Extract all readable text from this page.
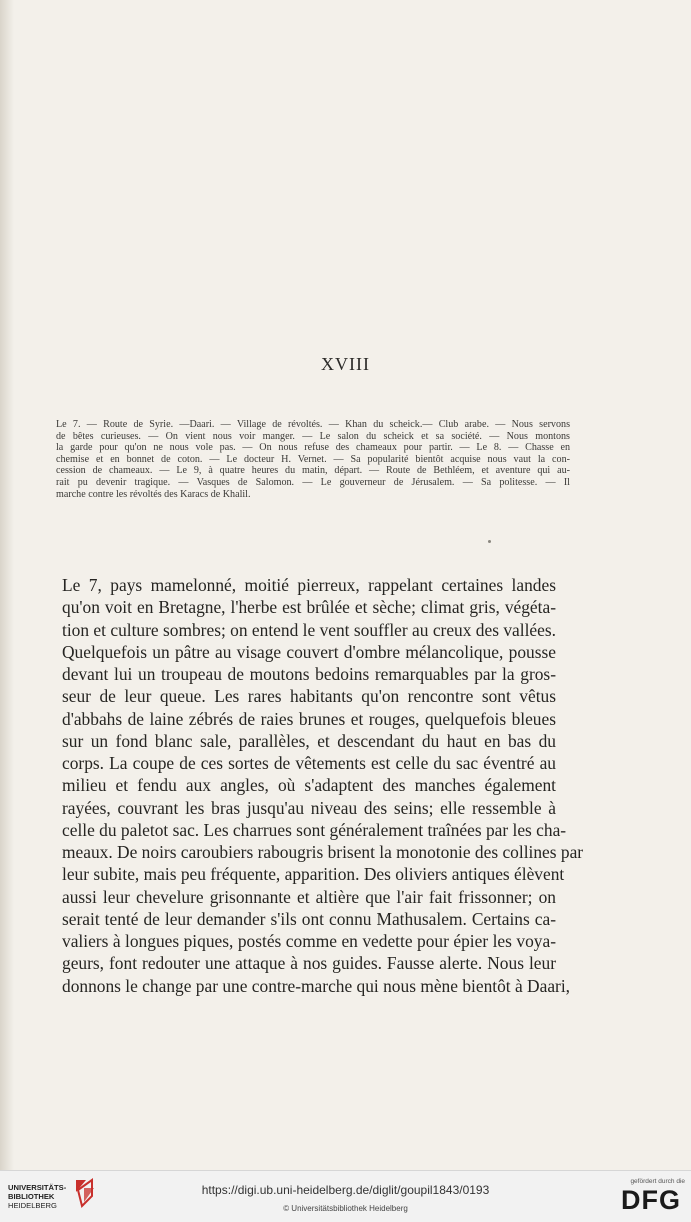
XVIII
Le 7. — Route de Syrie. —Daari. — Village de révoltés. — Khan du scheick.— Club arabe. — Nous servons
de bêtes curieuses. — On vient nous voir manger. — Le salon du scheick et sa société. — Nous montons
la garde pour qu'on ne nous vole pas. — On nous refuse des chameaux pour partir. — Le 8. — Chasse en
chemise et en bonnet de coton. — Le docteur H. Vernet. — Sa popularité bientôt acquise nous vaut la con-
cession de chameaux. — Le 9, à quatre heures du matin, départ. — Route de Bethléem, et aventure qui au-
rait pu devenir tragique. — Vasques de Salomon. — Le gouverneur de Jérusalem. — Sa politesse. — Il
marche contre les révoltés des Karacs de Khalil.
Le 7, pays mamelonné, moitié pierreux, rappelant certaines landes
qu'on voit en Bretagne, l'herbe est brûlée et sèche; climat gris, végéta-
tion et culture sombres; on entend le vent souffler au creux des vallées.
Quelquefois un pâtre au visage couvert d'ombre mélancolique, pousse
devant lui un troupeau de moutons bedoins remarquables par la gros-
seur de leur queue. Les rares habitants qu'on rencontre sont vêtus
d'abbahs de laine zébrés de raies brunes et rouges, quelquefois bleues
sur un fond blanc sale, parallèles, et descendant du haut en bas du
corps. La coupe de ces sortes de vêtements est celle du sac éventré au
milieu et fendu aux angles, où s'adaptent des manches également
rayées, couvrant les bras jusqu'au niveau des seins; elle ressemble à
celle du paletot sac. Les charrues sont généralement traînées par les cha-
meaux. De noirs caroubiers rabougris brisent la monotonie des collines par
leur subite, mais peu fréquente, apparition. Des oliviers antiques élèvent
aussi leur chevelure grisonnante et altière que l'air fait frissonner; on
serait tenté de leur demander s'ils ont connu Mathusalem. Certains ca-
valiers à longues piques, postés comme en vedette pour épier les voya-
geurs, font redouter une attaque à nos guides. Fausse alerte. Nous leur
donnons le change par une contre-marche qui nous mène bientôt à Daari,
UNIVERSITÄTS-
BIBLIOTHEK
HEIDELBERG
https://digi.ub.uni-heidelberg.de/diglit/goupil1843/0193
© Universitätsbibliothek Heidelberg
gefördert durch die
DFG
